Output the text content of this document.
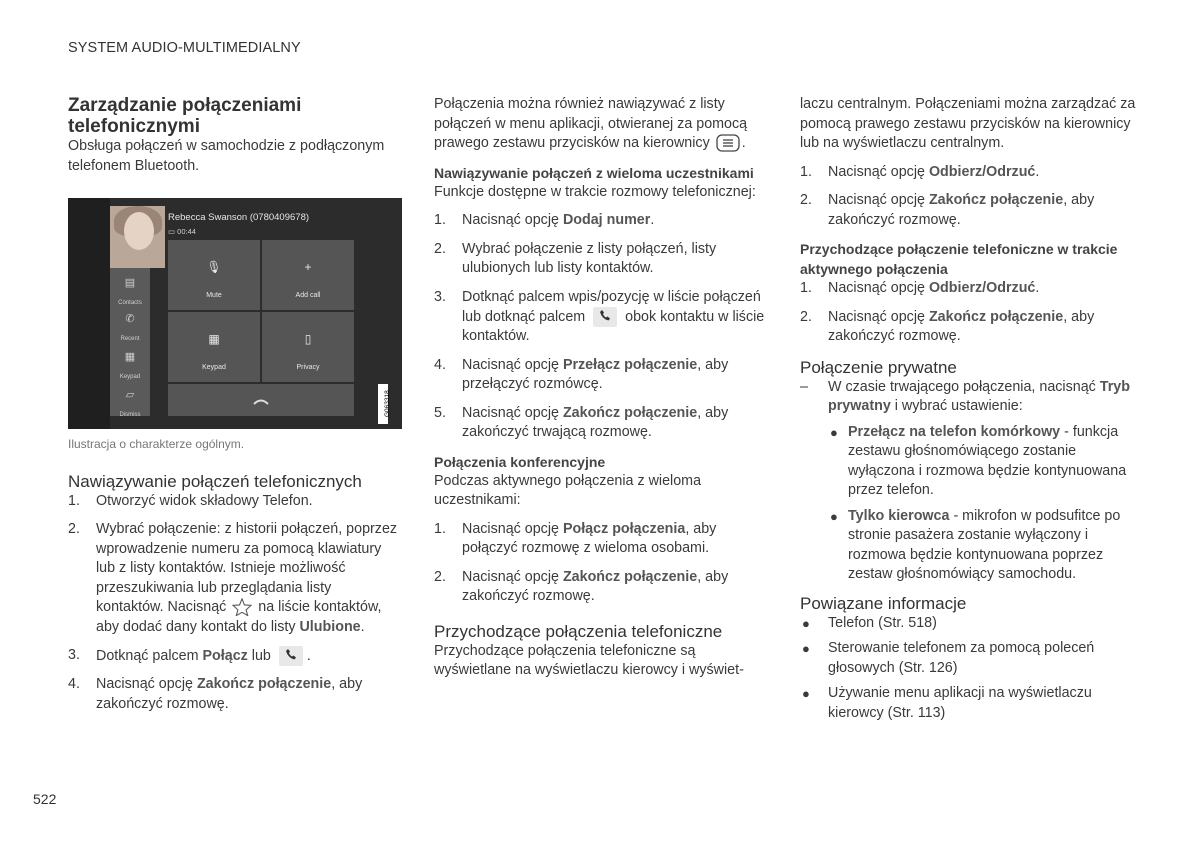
SYSTEM AUDIO-MULTIMEDIALNY

Zarządzanie połączeniami telefonicznymi

Obsługa połączeń w samochodzie z podłączonym telefonem Bluetooth.

Rebecca Swanson (0780409678)
▭ 00:44
▤
Contacts
✆
Recent
▦
Keypad
▱
Dismiss
🎙
Mute
+
Add call
▦
Keypad
▯
Privacy
G063318
Ilustracja o charakterze ogólnym.

Nawiązywanie połączeń telefonicznych

1. Otworzyć widok składowy Telefon.
2. Wybrać połączenie: z historii połączeń, poprzez wprowadzenie numeru za pomocą klawiatury lub z listy kontaktów. Istnieje możliwość przeszukiwania lub przeglądania listy kontaktów. Nacisnąć na liście kontaktów, aby dodać dany kontakt do listy Ulubione.
3. Dotknąć palcem Połącz lub	.
4. Nacisnąć opcję Zakończ połączenie, aby zakończyć rozmowę.

Połączenia można również nawiązywać z listy połączeń w menu aplikacji, otwieranej za pomocą prawego zestawu przycisków na kierownicy .

Nawiązywanie połączeń z wieloma uczestnikami

Funkcje dostępne w trakcie rozmowy telefonicznej:

1. Nacisnąć opcję Dodaj numer.
2. Wybrać połączenie z listy połączeń, listy ulubionych lub listy kontaktów.
3. Dotknąć palcem wpis/pozycję w liście połączeń lub dotknąć palcem	obok kontaktu w liście kontaktów.
4. Nacisnąć opcję Przełącz połączenie, aby przełączyć rozmówcę.
5. Nacisnąć opcję Zakończ połączenie, aby zakończyć trwającą rozmowę.

Połączenia konferencyjne

Podczas aktywnego połączenia z wieloma uczestnikami:

1. Nacisnąć opcję Połącz połączenia, aby połączyć rozmowę z wieloma osobami.
2. Nacisnąć opcję Zakończ połączenie, aby zakończyć rozmowę.

Przychodzące połączenia telefoniczne

Przychodzące połączenia telefoniczne są wyświetlane na wyświetlaczu kierowcy i wyświet-

laczu centralnym. Połączeniami można zarządzać za pomocą prawego zestawu przycisków na kierownicy lub na wyświetlaczu centralnym.

1. Nacisnąć opcję Odbierz/Odrzuć.
2. Nacisnąć opcję Zakończ połączenie, aby zakończyć rozmowę.

Przychodzące połączenie telefoniczne w trakcie aktywnego połączenia

1. Nacisnąć opcję Odbierz/Odrzuć.
2. Nacisnąć opcję Zakończ połączenie, aby zakończyć rozmowę.

Połączenie prywatne

– W czasie trwającego połączenia, nacisnąć Tryb prywatny i wybrać ustawienie:
● Przełącz na telefon komórkowy - funkcja zestawu głośnomówiącego zostanie wyłączona i rozmowa będzie kontynuowana przez telefon.
● Tylko kierowca - mikrofon w podsufitce po stronie pasażera zostanie wyłączony i rozmowa będzie kontynuowana poprzez zestaw głośnomówiący samochodu.

Powiązane informacje

● Telefon (Str. 518)
● Sterowanie telefonem za pomocą poleceń głosowych (Str. 126)
● Używanie menu aplikacji na wyświetlaczu kierowcy (Str. 113)
522
